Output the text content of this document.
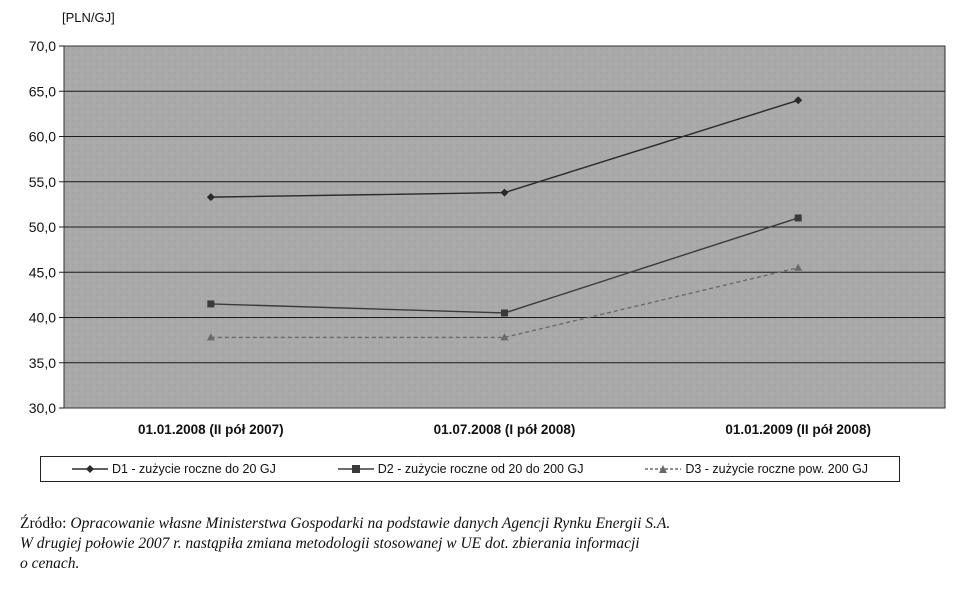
30,0
35,0
40,0
45,0
50,0
55,0
60,0
65,0
70,0
01.01.2008 (II pół 2007)	01.07.2008 (I pół 2008)	01.01.2009 (II pół 2008)
[PLN/GJ]
D1 - zużycie roczne do 20 GJ	D2 - zużycie roczne od 20 do 200 GJ	D3 - zużycie roczne pow. 200 GJ

Źródło: Opracowanie własne Ministerstwa Gospodarki na podstawie danych Agencji Rynku Energii S.A.

W drugiej połowie 2007 r. nastąpiła zmiana metodologii stosowanej w UE dot. zbierania informacji

o cenach.
